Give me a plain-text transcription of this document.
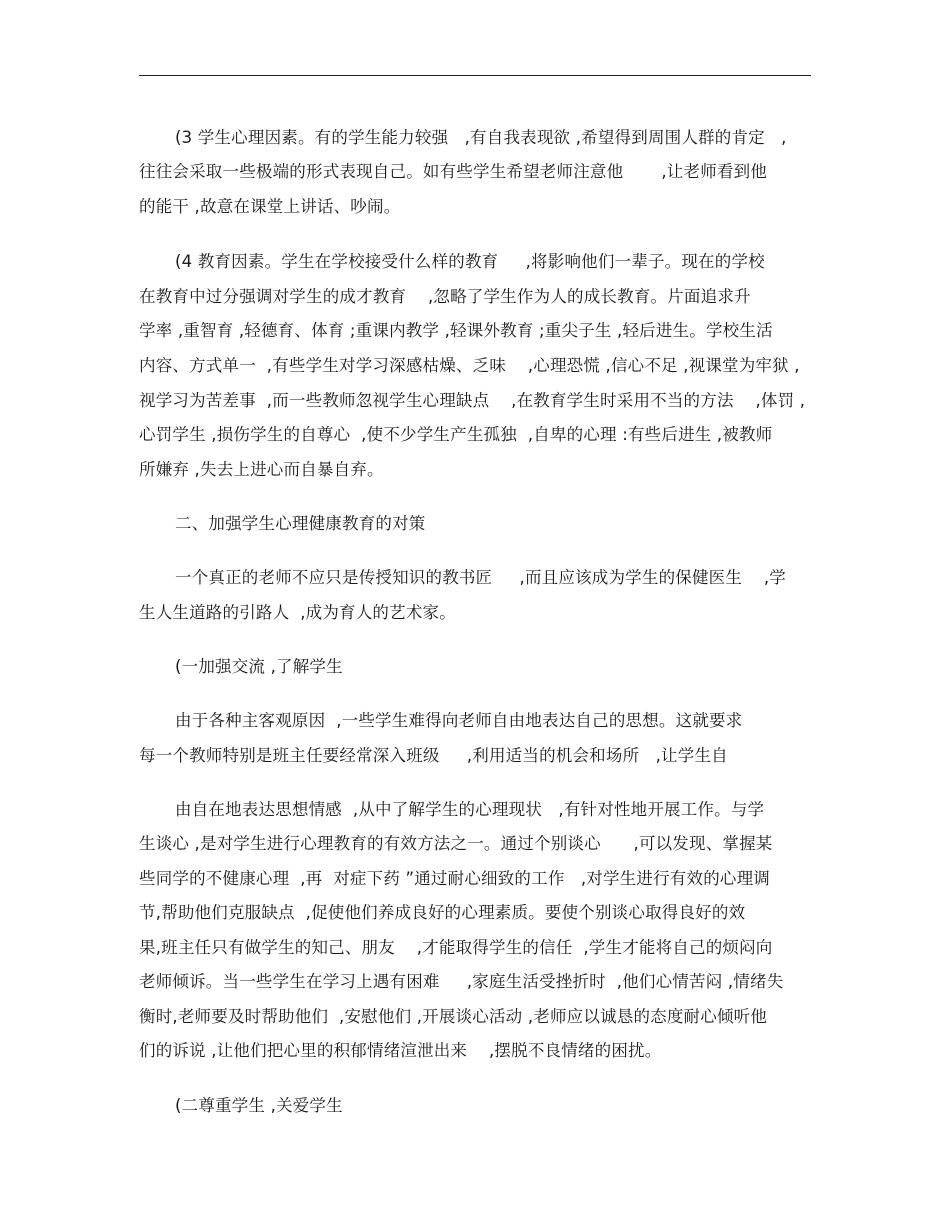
(3 学生心理因素。有的学生能力较强   ,有自我表现欲 ,希望得到周围人群的肯定   ,
往往会采取一些极端的形式表现自己。如有些学生希望老师注意他       ,让老师看到他
的能干 ,故意在课堂上讲话、吵闹。
(4 教育因素。学生在学校接受什么样的教育     ,将影响他们一辈子。现在的学校
在教育中过分强调对学生的成才教育    ,忽略了学生作为人的成长教育。片面追求升
学率 ,重智育 ,轻德育、体育 ;重课内教学 ,轻课外教育 ;重尖子生 ,轻后进生。学校生活
内容、方式单一  ,有些学生对学习深感枯燥、乏味    ,心理恐慌 ,信心不足 ,视课堂为牢狱 ,
视学习为苦差事  ,而一些教师忽视学生心理缺点    ,在教育学生时采用不当的方法    ,体罚 ,
心罚学生 ,损伤学生的自尊心  ,使不少学生产生孤独  ,自卑的心理 :有些后进生 ,被教师
所嫌弃 ,失去上进心而自暴自弃。
二、加强学生心理健康教育的对策
一个真正的老师不应只是传授知识的教书匠     ,而且应该成为学生的保健医生    ,学
生人生道路的引路人  ,成为育人的艺术家。
(一加强交流 ,了解学生
由于各种主客观原因  ,一些学生难得向老师自由地表达自己的思想。这就要求
每一个教师特别是班主任要经常深入班级     ,利用适当的机会和场所   ,让学生自
由自在地表达思想情感  ,从中了解学生的心理现状   ,有针对性地开展工作。与学
生谈心 ,是对学生进行心理教育的有效方法之一。通过个别谈心      ,可以发现、掌握某
些同学的不健康心理  ,再  对症下药 ”通过耐心细致的工作   ,对学生进行有效的心理调
节,帮助他们克服缺点  ,促使他们养成良好的心理素质。要使个别谈心取得良好的效
果,班主任只有做学生的知己、朋友    ,才能取得学生的信任  ,学生才能将自己的烦闷向
老师倾诉。当一些学生在学习上遇有困难     ,家庭生活受挫折时  ,他们心情苦闷 ,情绪失
衡时,老师要及时帮助他们  ,安慰他们 ,开展谈心活动 ,老师应以诚恳的态度耐心倾听他
们的诉说 ,让他们把心里的积郁情绪渲泄出来    ,摆脱不良情绪的困扰。
(二尊重学生 ,关爱学生
